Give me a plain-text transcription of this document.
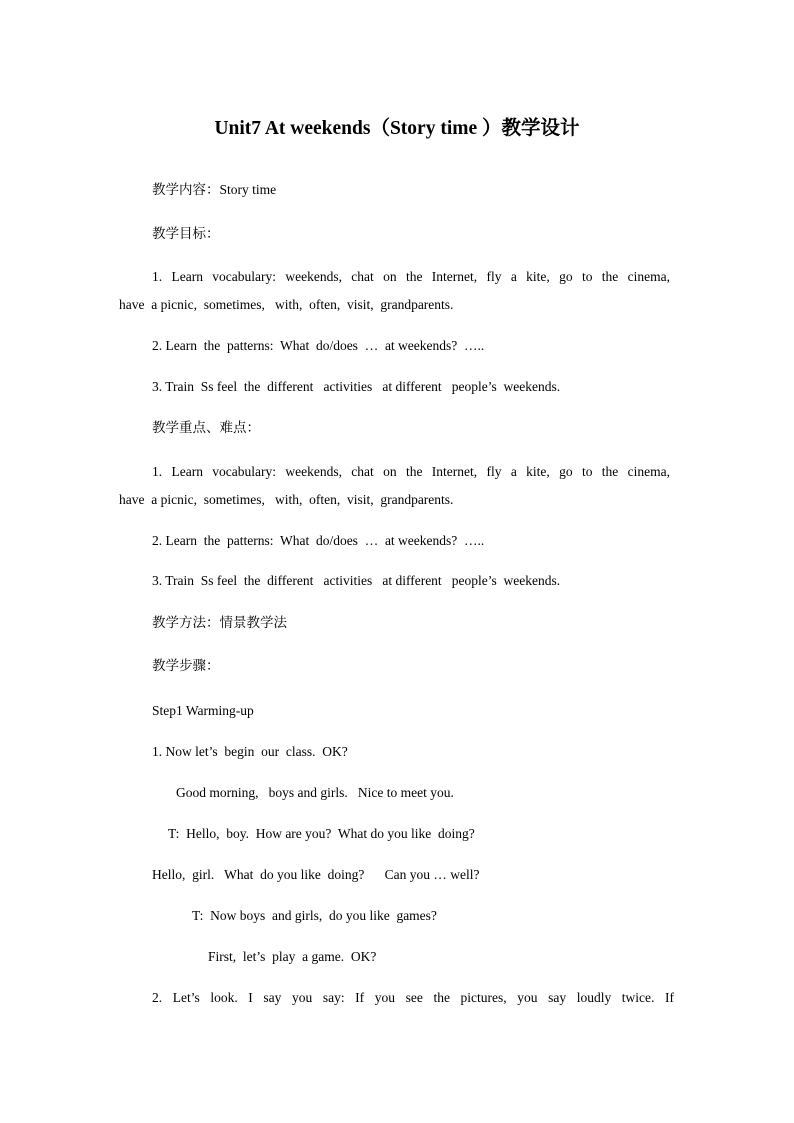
Unit7 At weekends（Story time ）教学设计

教学内容：Story time

教学目标：

1. Learn vocabulary: weekends, chat on the Internet, fly a kite, go to the cinema,

have  a picnic,  sometimes,   with,  often,  visit,  grandparents.

2. Learn  the  patterns:  What  do/does  …  at weekends?  …..

3. Train  Ss feel  the  different   activities   at different   people’s  weekends.

教学重点、难点：

1. Learn vocabulary: weekends, chat on the Internet, fly a kite, go to the cinema,

have  a picnic,  sometimes,   with,  often,  visit,  grandparents.

2. Learn  the  patterns:  What  do/does  …  at weekends?  …..

3. Train  Ss feel  the  different   activities   at different   people’s  weekends.

教学方法：情景教学法

教学步骤：

Step1 Warming-up

1. Now let’s  begin  our  class.  OK?

Good morning,   boys and girls.   Nice to meet you.

T:  Hello,  boy.  How are you?  What do you like  doing?

Hello,  girl.   What  do you like  doing?      Can you … well?

T:  Now boys  and girls,  do you like  games?

First,  let’s  play  a game.  OK?

2. Let’s look. I say you say: If you see the pictures, you say loudly twice. If
